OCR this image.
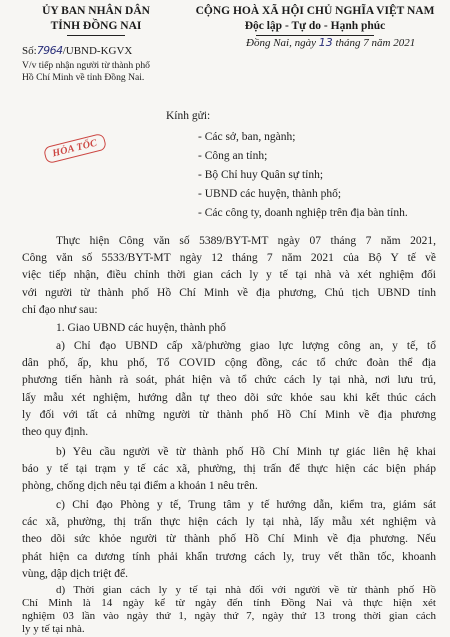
ỦY BAN NHÂN DÂN
TỈNH ĐỒNG NAI
CỘNG HOÀ XÃ HỘI CHỦ NGHĨA VIỆT NAM
Độc lập - Tự do - Hạnh phúc
Số:7964/UBND-KGVX
Đồng Nai, ngày 13 tháng 7 năm 2021
V/v tiếp nhận người từ thành phố
Hồ Chí Minh về tỉnh Đồng Nai.
HỎA TỐC
Kính gửi:
- Các sở, ban, ngành;
- Công an tỉnh;
- Bộ Chỉ huy Quân sự tỉnh;
- UBND các huyện, thành phố;
- Các công ty, doanh nghiệp trên địa bàn tỉnh.
Thực hiện Công văn số 5389/BYT-MT ngày 07 tháng 7 năm 2021,
Công văn số 5533/BYT-MT ngày 12 tháng 7 năm 2021 của Bộ Y tế về
việc tiếp nhận, điều chỉnh thời gian cách ly y tế tại nhà và xét nghiệm đối
với người từ thành phố Hồ Chí Minh về địa phương, Chủ tịch UBND tỉnh
chỉ đạo như sau:
1. Giao UBND các huyện, thành phố
a) Chỉ đạo UBND cấp xã/phường giao lực lượng công an, y tế, tổ
dân phố, ấp, khu phố, Tổ COVID cộng đồng, các tổ chức đoàn thể địa
phương tiến hành rà soát, phát hiện và tổ chức cách ly tại nhà, nơi lưu trú,
lấy mẫu xét nghiệm, hướng dẫn tự theo dõi sức khỏe sau khi kết thúc cách
ly đối với tất cả những người từ thành phố Hồ Chí Minh về địa phương
theo quy định.
b) Yêu cầu người về từ thành phố Hồ Chí Minh tự giác liên hệ khai
báo y tế tại trạm y tế các xã, phường, thị trấn để thực hiện các biện pháp
phòng, chống dịch nêu tại điểm a khoản 1 nêu trên.
c) Chỉ đạo Phòng y tế, Trung tâm y tế hướng dẫn, kiểm tra, giám sát
các xã, phường, thị trấn thực hiện cách ly tại nhà, lấy mẫu xét nghiệm và
theo dõi sức khỏe người từ thành phố Hồ Chí Minh về địa phương. Nếu
phát hiện ca dương tính phải khẩn trương cách ly, truy vết thần tốc, khoanh
vùng, dập dịch triệt để.
d) Thời gian cách ly y tế tại nhà đối với người về từ thành phố Hồ
Chí Minh là 14 ngày kể từ ngày đến tỉnh Đồng Nai và thực hiện xét
nghiệm 03 lần vào ngày thứ 1, ngày thứ 7, ngày thứ 13 trong thời gian cách
ly y tế tại nhà.
